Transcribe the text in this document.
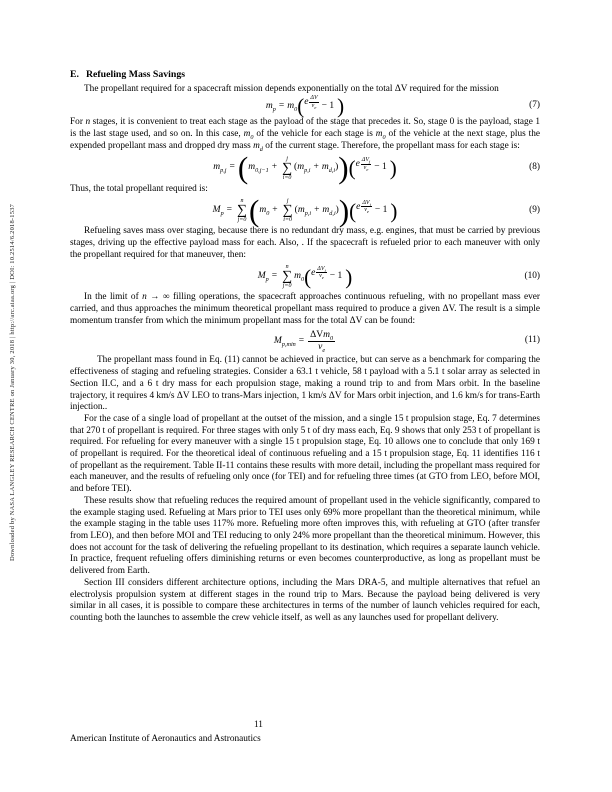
Downloaded by NASA LANGLEY RESEARCH CENTRE on January 30, 2018 | http://arc.aiaa.org | DOI: 10.2514/6.2018-1537

E. Refueling Mass Savings

The propellant required for a spacecraft mission depends exponentially on the total ΔV required for the mission

$m_p = m_0$ ( e $\frac{\Delta V}{v_e} - 1$ )	(7)

For n stages, it is convenient to treat each stage as the payload of the stage that precedes it. So, stage 0 is the payload, stage 1 is the last stage used, and so on. In this case, $m_0$ of the vehicle for each stage is $m_0$ of the vehicle at the next stage, plus the expended propellant mass and dropped dry mass $m_d$ of the current stage. Therefore, the propellant mass for each stage is:

$m_{p,j}$ = ( $m_{0,j-1}$ +
j
∑
i=0
( $m_{p,i} + m_{d,i}$ ) ) ( e $\Delta V_j$
$v_e - 1$ )	(8)

Thus, the total propellant required is:

$M_p$ =
n
∑
j=0 ( $m_0$ +
j
∑
i=0
( $m_{p,i} + m_{d,i}$ ) ) ( e $\Delta V_j$
$v_e - 1$ )	(9)

Refueling saves mass over staging, because there is no redundant dry mass, e.g. engines, that must be carried by previous stages, driving up the effective payload mass for each. Also, . If the spacecraft is refueled prior to each maneuver with only the propellant required for that maneuver, then:

$M_p$ =
n
∑
j=0
$m_0$ ( e $\Delta V_j$
$v_e - 1$ )	(10)

In the limit of n → ∞ filling operations, the spacecraft approaches continuous refueling, with no propellant mass ever carried, and thus approaches the minimum theoretical propellant mass required to produce a given ΔV. The result is a simple momentum transfer from which the minimum propellant mass for the total ΔV can be found:

$M_{p,min}$ =
ΔVm$_0$
$v_e$
(11)

The propellant mass found in Eq. (11) cannot be achieved in practice, but can serve as a benchmark for comparing the effectiveness of staging and refueling strategies. Consider a 63.1 t vehicle, 58 t payload with a 5.1 t solar array as selected in Section II.C, and a 6 t dry mass for each propulsion stage, making a round trip to and from Mars orbit. In the baseline trajectory, it requires 4 km/s ΔV LEO to trans-Mars injection, 1 km/s ΔV for Mars orbit injection, and 1.6 km/s for trans-Earth injection..

For the case of a single load of propellant at the outset of the mission, and a single 15 t propulsion stage, Eq. 7 determines that 270 t of propellant is required. For three stages with only 5 t of dry mass each, Eq. 9 shows that only 253 t of propellant is required. For refueling for every maneuver with a single 15 t propulsion stage, Eq. 10 allows one to conclude that only 169 t of propellant is required. For the theoretical ideal of continuous refueling and a 15 t propulsion stage, Eq. 11 identifies 116 t of propellant as the requirement. Table II-11 contains these results with more detail, including the propellant mass required for each maneuver, and the results of refueling only once (for TEI) and for refueling three times (at GTO from LEO, before MOI, and before TEI).

These results show that refueling reduces the required amount of propellant used in the vehicle significantly, compared to the example staging used. Refueling at Mars prior to TEI uses only 69% more propellant than the theoretical minimum, while the example staging in the table uses 117% more. Refueling more often improves this, with refueling at GTO (after transfer from LEO), and then before MOI and TEI reducing to only 24% more propellant than the theoretical minimum. However, this does not account for the task of delivering the refueling propellant to its destination, which requires a separate launch vehicle. In practice, frequent refueling offers diminishing returns or even becomes counterproductive, as long as propellant must be delivered from Earth.

Section III considers different architecture options, including the Mars DRA-5, and multiple alternatives that refuel an electrolysis propulsion system at different stages in the round trip to Mars. Because the payload being delivered is very similar in all cases, it is possible to compare these architectures in terms of the number of launch vehicles required for each, counting both the launches to assemble the crew vehicle itself, as well as any launches used for propellant delivery.

11
American Institute of Aeronautics and Astronautics
